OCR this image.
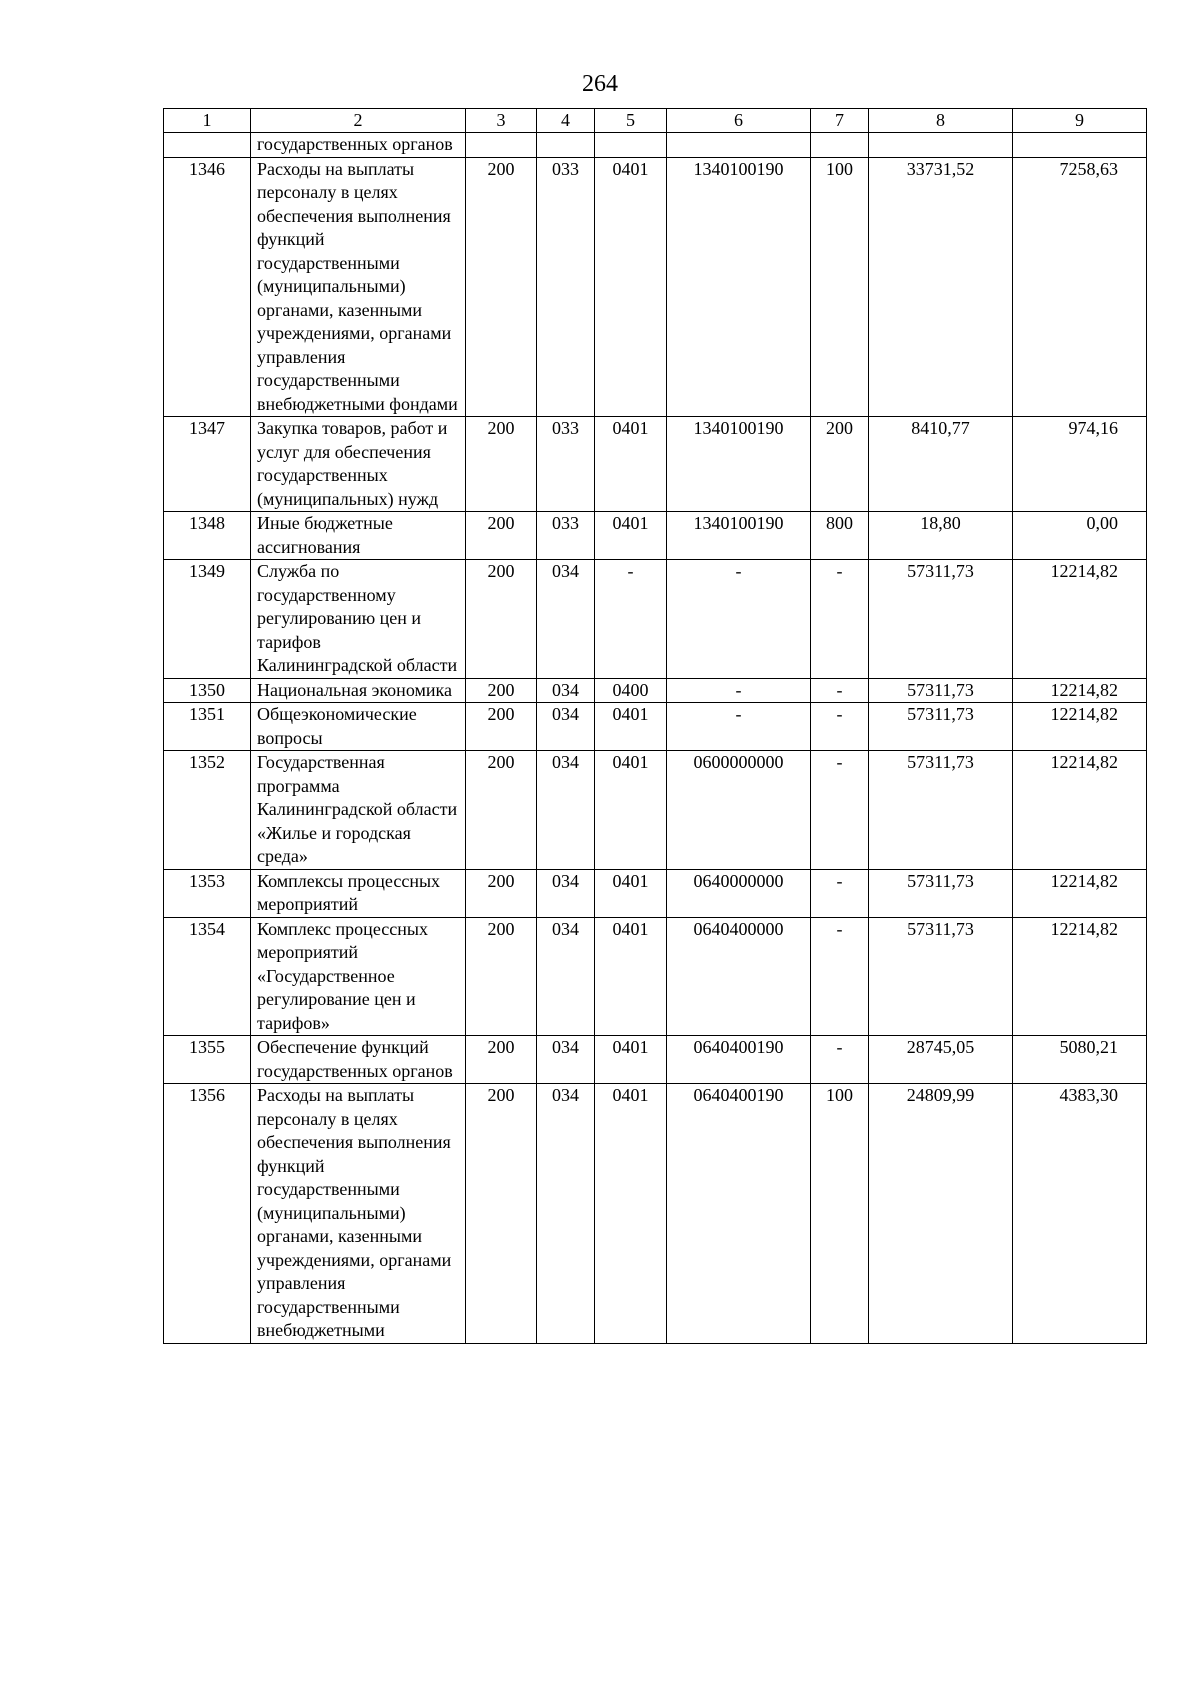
264
1	2	3	4	5	6	7	8	9
	государственных органов							
1346	Расходы на выплаты персоналу в целях обеспечения выполнения функций государственными (муниципальными) органами, казенными учреждениями, органами управления государственными внебюджетными фондами	200	033	0401	1340100190	100	33731,52	7258,63
1347	Закупка товаров, работ и услуг для обеспечения государственных (муниципальных) нужд	200	033	0401	1340100190	200	8410,77	974,16
1348	Иные бюджетные ассигнования	200	033	0401	1340100190	800	18,80	0,00
1349	Служба по государственному регулированию цен и тарифов Калининградской области	200	034	-	-	-	57311,73	12214,82
1350	Национальная экономика	200	034	0400	-	-	57311,73	12214,82
1351	Общеэкономические вопросы	200	034	0401	-	-	57311,73	12214,82
1352	Государственная программа Калининградской области «Жилье и городская среда»	200	034	0401	0600000000	-	57311,73	12214,82
1353	Комплексы процессных мероприятий	200	034	0401	0640000000	-	57311,73	12214,82
1354	Комплекс процессных мероприятий «Государственное регулирование цен и тарифов»	200	034	0401	0640400000	-	57311,73	12214,82
1355	Обеспечение функций государственных органов	200	034	0401	0640400190	-	28745,05	5080,21
1356	Расходы на выплаты персоналу в целях обеспечения выполнения функций государственными (муниципальными) органами, казенными учреждениями, органами управления государственными внебюджетными	200	034	0401	0640400190	100	24809,99	4383,30
